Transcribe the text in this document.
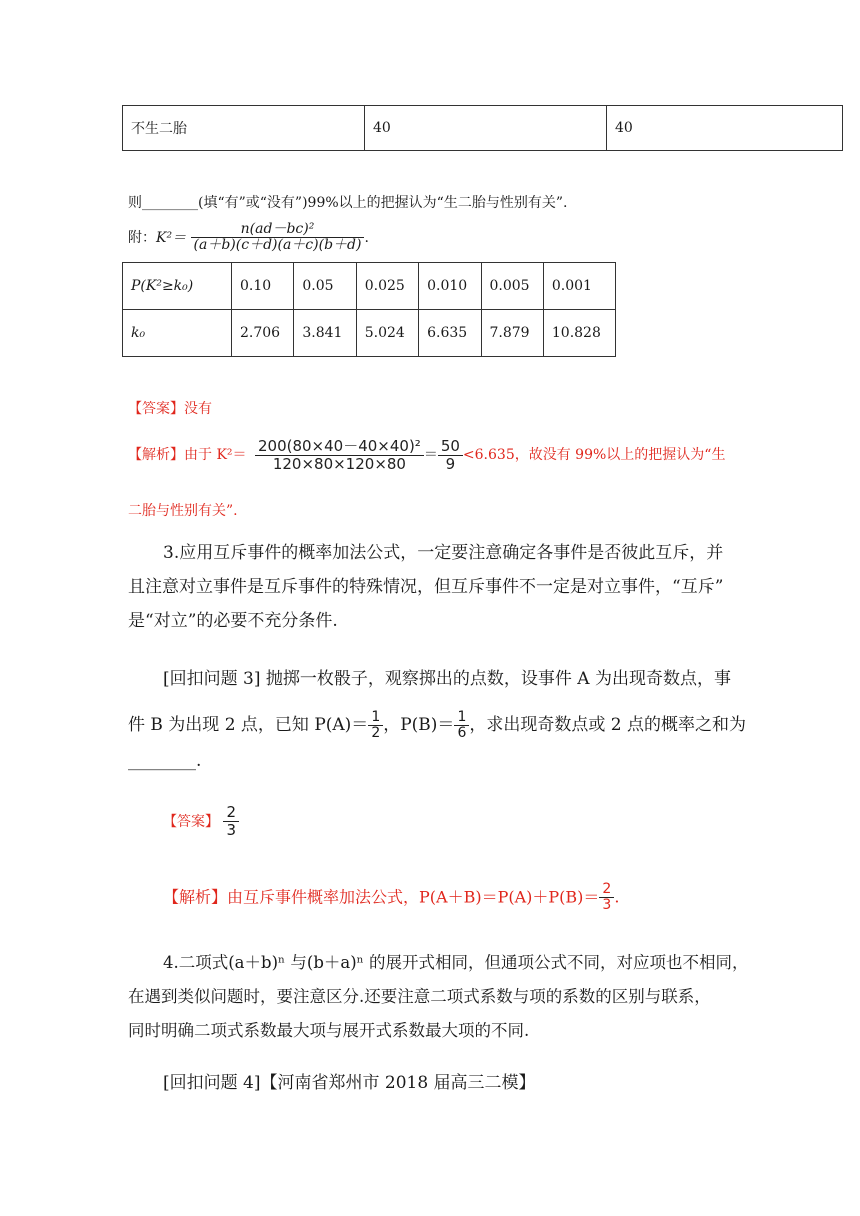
不生二胎	40	40
则________(填“有”或“没有”)99%以上的把握认为“生二胎与性别有关”.
附：$K^2= \frac{\text{n(ad－bc)²}}{(a+b)(c+d)(a+c)(b+d)}$ .
P(K²≥k₀)	0.10	0.05	0.025	0.010	0.005	0.001
k₀	2.706	3.841	5.024	6.635	7.879	10.828
【答案】没有
【解析】由于 $K^2= \frac{\text{200(80×40－40×40)²}}{120\times 80\times 120\times 80} = \frac{50}{9} <6.635$，故没有 99%以上的把握认为“生
二胎与性别有关”.
3.应用互斥事件的概率加法公式，一定要注意确定各事件是否彼此互斥，并
且注意对立事件是互斥事件的特殊情况，但互斥事件不一定是对立事件，“互斥”
是“对立”的必要不充分条件.
[回扣问题 3] 抛掷一枚骰子，观察掷出的点数，设事件 A 为出现奇数点，事
件 B 为出现 2 点，已知 $P(A)= \frac{1}{2}$ ，$P(B)= \frac{1}{6}$ ，求出现奇数点或 2 点的概率之和为
________.
【答案】 $\frac{2}{3}$
【解析】由互斥事件概率加法公式，$P(A+B)=P(A)+P(B)= \frac{2}{3}$ .
4.二项式(a＋b)ⁿ 与(b＋a)ⁿ 的展开式相同，但通项公式不同，对应项也不相同，
在遇到类似问题时，要注意区分.还要注意二项式系数与项的系数的区别与联系，
同时明确二项式系数最大项与展开式系数最大项的不同.
[回扣问题 4]【河南省郑州市 2018 届高三二模】
